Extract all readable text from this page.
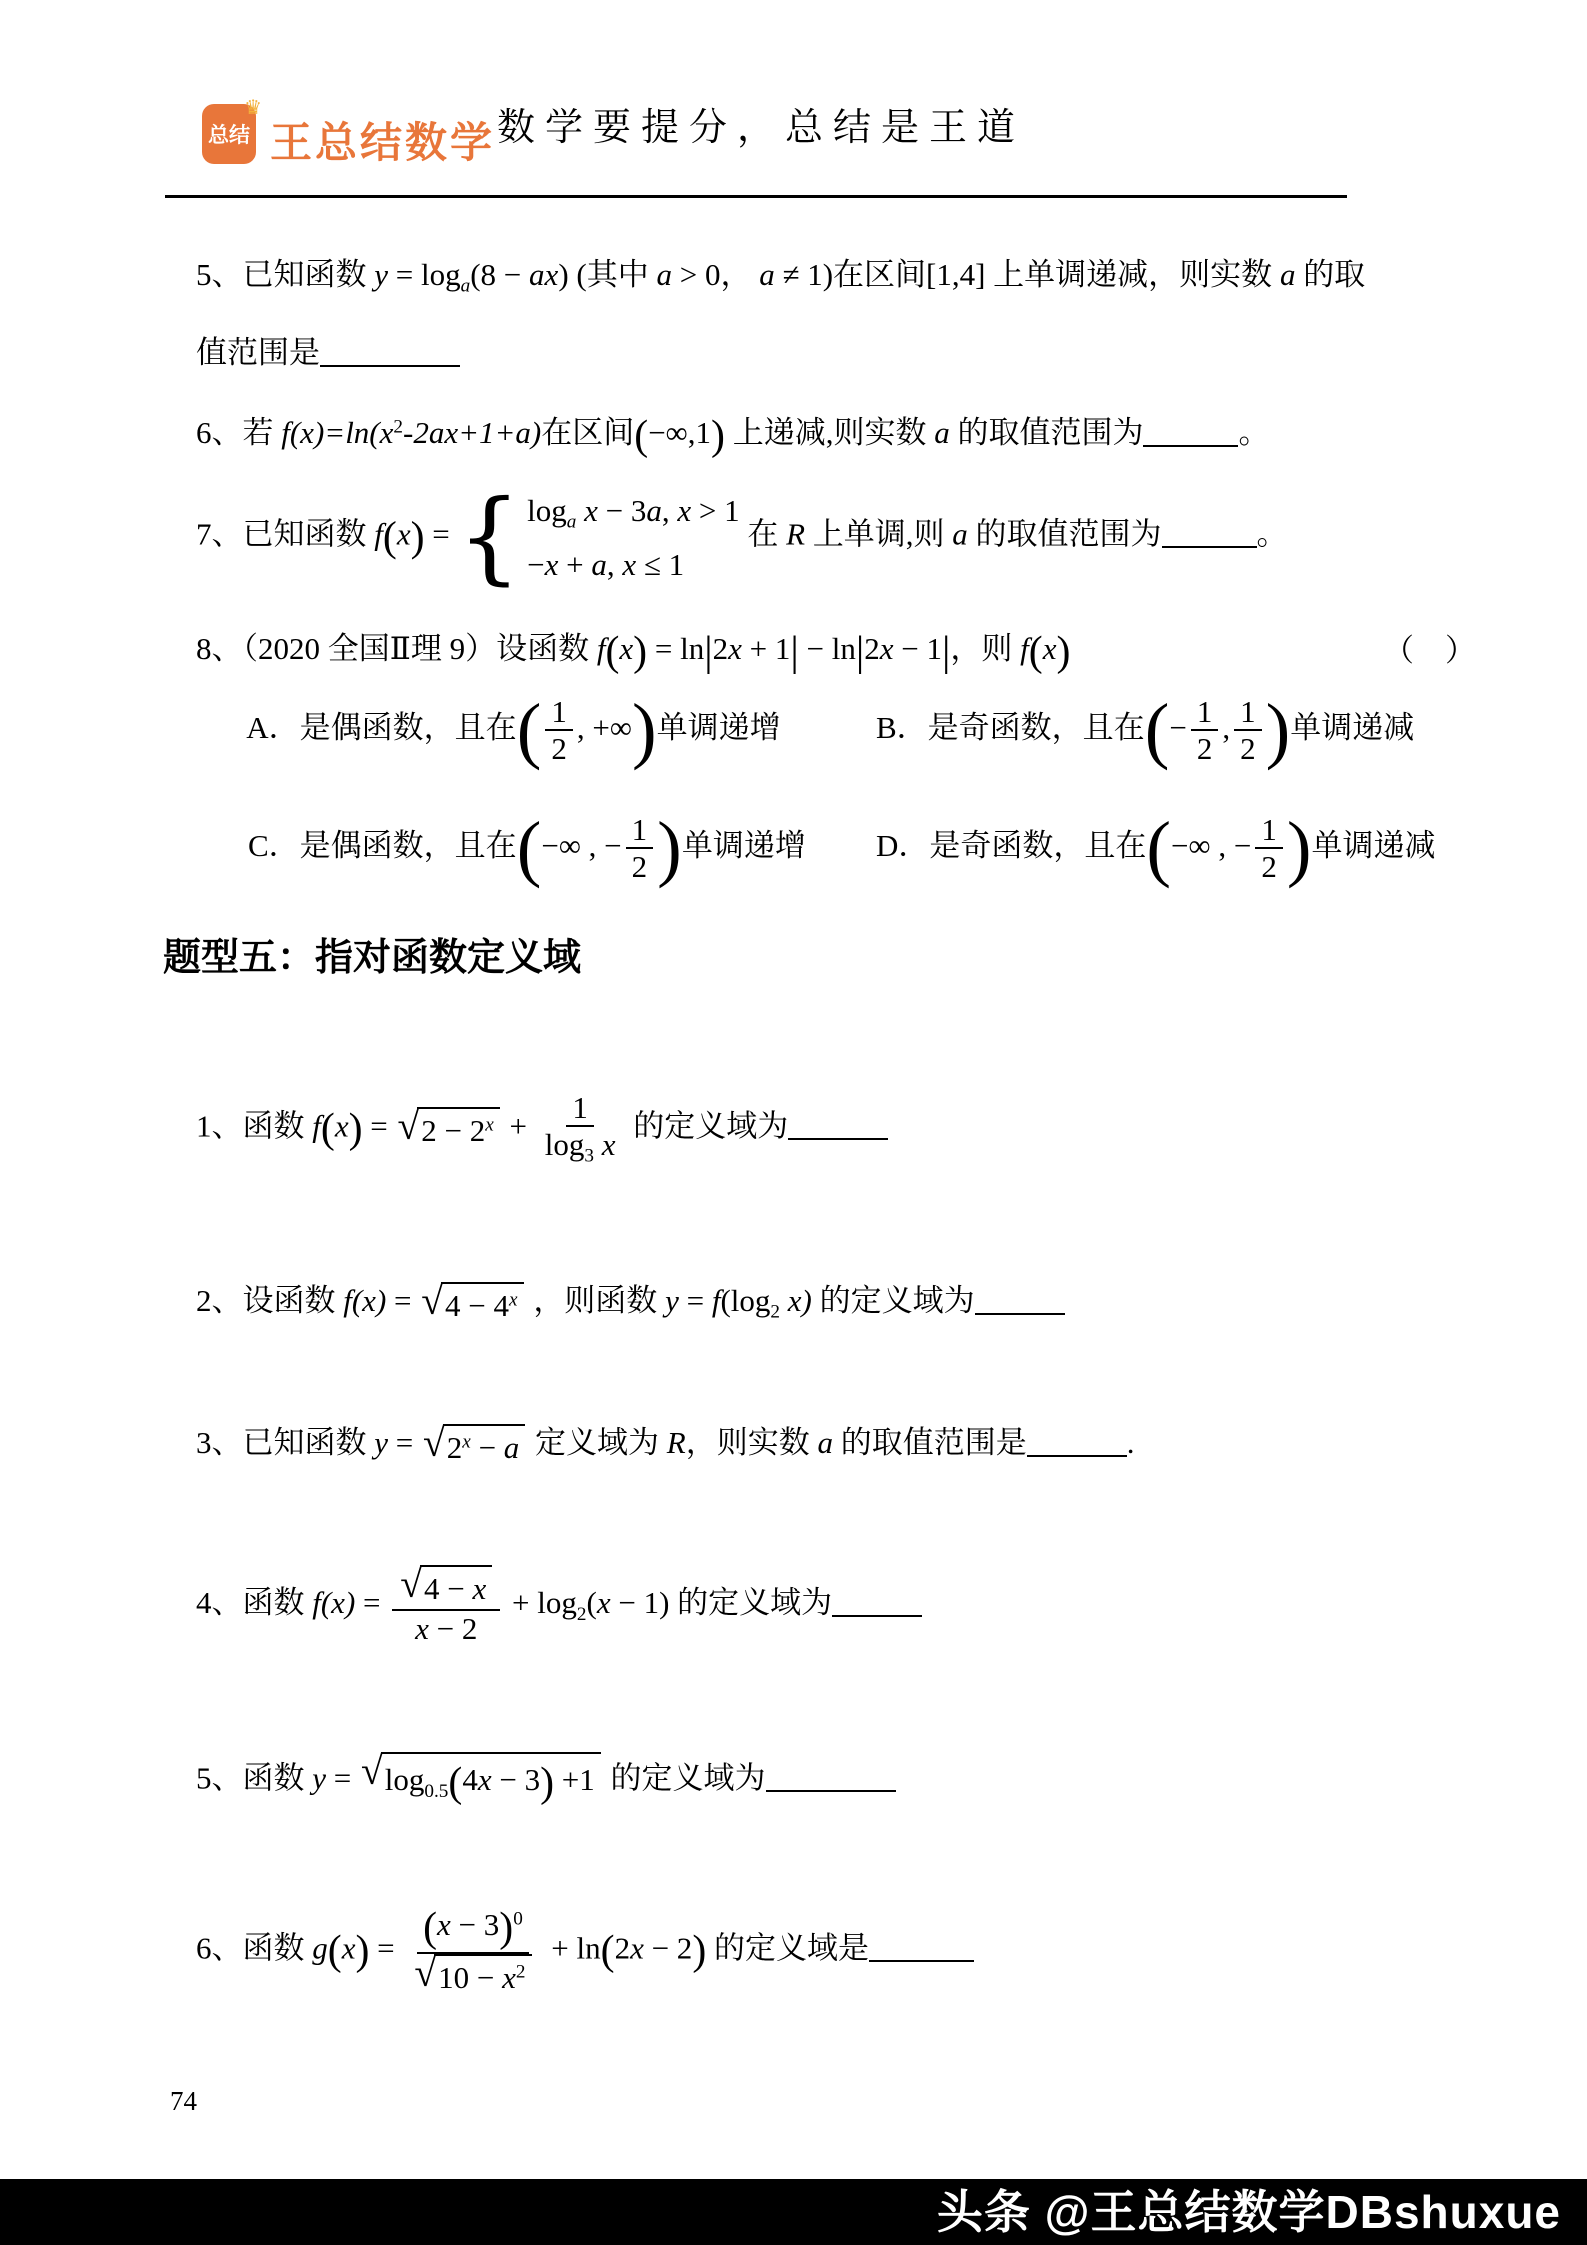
♛
总结 王总结数学 数学要提分，总结是王道

5、已知函数 $y = \log_a(8 - ax)$ (其中 a > 0， a ≠ 1)在区间[1,4] 上单调递减，则实数 a 的取

值范围是

6、若 $f(x)=\ln(x^2-2ax+1+a)$在区间(−∞,1) 上递减,则实数 a 的取值范围为	。

7、已知函数 f(x) = { $\log_a x - 3a$, x > 1
−x + a, x ≤ 1
在 R 上单调,则 a 的取值范围为	。

8、（2020 全国Ⅱ理 9）设函数 f(x) = ln|2x + 1| − ln|2x − 1|，则 f(x)
	（　）

A．是偶函数，且在( $\frac{1}{2}$ , +∞)单调递增
	B．是奇函数，且在(− $\frac{1}{2}$ , $\frac{1}{2}$ )单调递减

C．是偶函数，且在(−∞ , − $\frac{1}{2}$ )单调递增
	D．是奇函数，且在(−∞ , − $\frac{1}{2}$ )单调递减

题型五：指对函数定义域

1、函数 f(x) = √ $2 - 2^x + \frac{1}{\log_3 x}$ 的定义域为

2、设函数 f(x) = √ $4 - 4^x$ ，则函数 $y = f(\log_2$ x) 的定义域为

3、已知函数 y = √ $2^x - a$ 定义域为 R，则实数 a 的取值范围是	.

4、函数 $f(x) = \frac{√ 4 - x}{x - 2} + \log_2(x - 1)$ 的定义域为

5、函数 y = √ $\log_{0.5}(4x - 3) +1$ 的定义域为

6、函数 $g(x) = \frac{(x - 3)^0}{√ 10 - x^2} + \ln(2x - 2)$ 的定义域是

74
头条 @王总结数学DBshuxue
